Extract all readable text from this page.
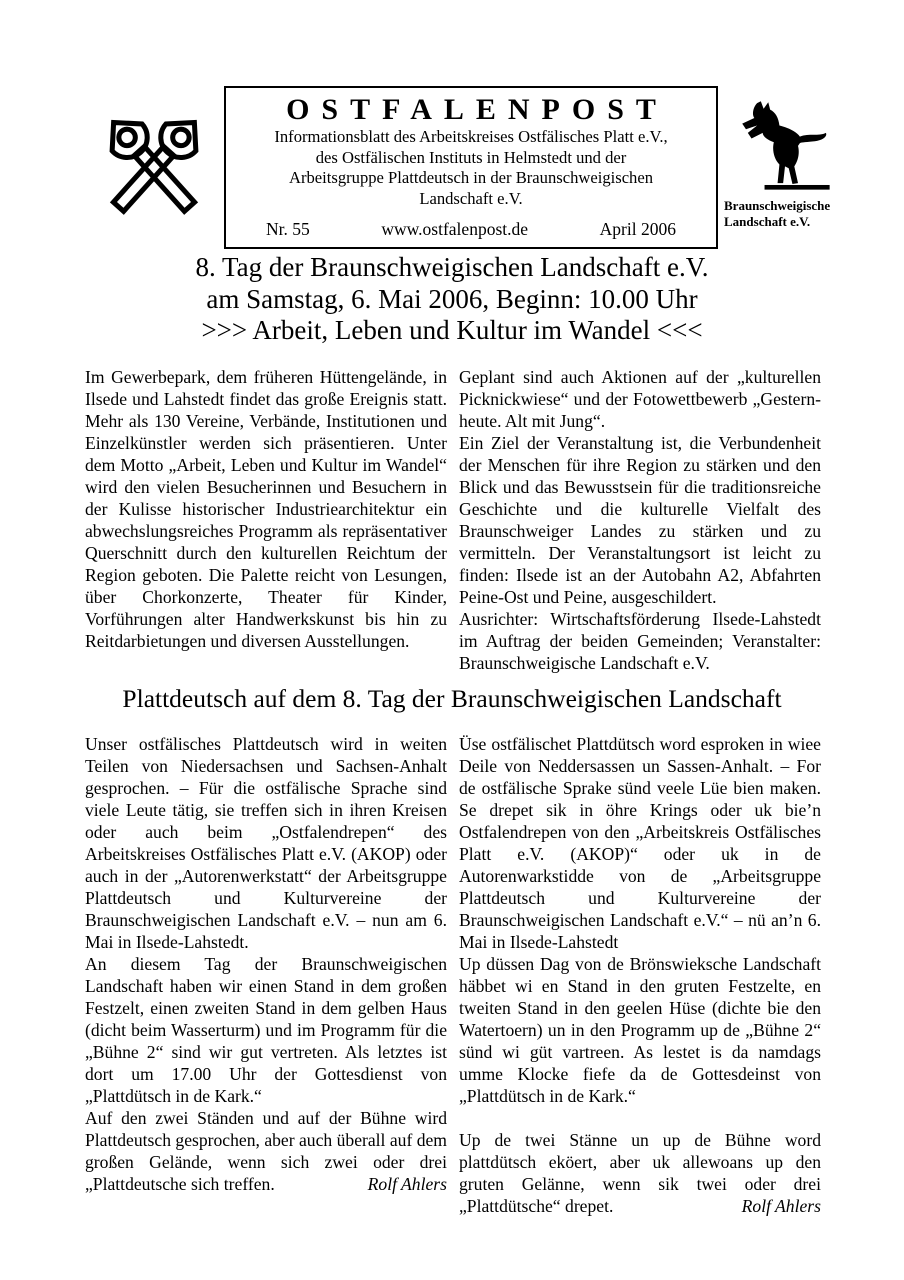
OSTFALENPOST
Informationsblatt des Arbeitskreises Ostfälisches Platt e.V.,
des Ostfälischen Instituts in Helmstedt und der
Arbeitsgruppe Plattdeutsch in der Braunschweigischen
Landschaft e.V.
Nr. 55	www.ostfalenpost.de	April 2006
Braunschweigische
Landschaft e.V.
8. Tag der Braunschweigischen Landschaft e.V.
am Samstag, 6. Mai 2006, Beginn: 10.00 Uhr
>>> Arbeit, Leben und Kultur im Wandel <<<

Im Gewerbepark, dem früheren Hüttengelände, in Ilsede und Lahstedt findet das große Ereignis statt. Mehr als 130 Vereine, Verbände, Institutionen und Einzelkünstler werden sich präsentieren. Unter dem Motto „Arbeit, Leben und Kultur im Wandel“ wird den vielen Besucherinnen und Besuchern in der Kulisse historischer Industriearchitektur ein abwechslungsreiches Programm als repräsentativer Querschnitt durch den kulturellen Reichtum der Region geboten. Die Palette reicht von Lesungen, über Chorkonzerte, Theater für Kinder, Vorführungen alter Handwerkskunst bis hin zu Reitdarbietungen und diversen Ausstellungen.

Geplant sind auch Aktionen auf der „kulturellen Picknickwiese“ und der Fotowettbewerb „Gestern-heute. Alt mit Jung“.

Ein Ziel der Veranstaltung ist, die Verbundenheit der Menschen für ihre Region zu stärken und den Blick und das Bewusstsein für die traditionsreiche Geschichte und die kulturelle Vielfalt des Braunschweiger Landes zu stärken und zu vermitteln. Der Veranstaltungsort ist leicht zu finden: Ilsede ist an der Autobahn A2, Abfahrten Peine-Ost und Peine, ausgeschildert.

Ausrichter: Wirtschaftsförderung Ilsede-Lahstedt im Auftrag der beiden Gemeinden; Veranstalter: Braunschweigische Landschaft e.V.

Plattdeutsch auf dem 8. Tag der Braunschweigischen Landschaft

Unser ostfälisches Plattdeutsch wird in weiten Teilen von Niedersachsen und Sachsen-Anhalt gesprochen. – Für die ostfälische Sprache sind viele Leute tätig, sie treffen sich in ihren Kreisen oder auch beim „Ostfalendrepen“ des Arbeitskreises Ostfälisches Platt e.V. (AKOP) oder auch in der „Autorenwerkstatt“ der Arbeitsgruppe Plattdeutsch und Kulturvereine der Braunschweigischen Landschaft e.V. – nun am 6. Mai in Ilsede-Lahstedt.

An diesem Tag der Braunschweigischen Landschaft haben wir einen Stand in dem großen Festzelt, einen zweiten Stand in dem gelben Haus (dicht beim Wasserturm) und im Programm für die „Bühne 2“ sind wir gut vertreten. Als letztes ist dort um 17.00 Uhr der Gottesdienst von „Plattdütsch in de Kark.“

Auf den zwei Ständen und auf der Bühne wird Plattdeutsch gesprochen, aber auch überall auf dem großen Gelände, wenn sich zwei oder drei „Plattdeutsche sich treffen.	Rolf Ahlers

Üse ostfälischet Plattdütsch word esproken in wiee Deile von Neddersassen un Sassen-Anhalt. – For de ostfälische Sprake sünd veele Lüe bien maken. Se drepet sik in öhre Krings oder uk bie’n Ostfalendrepen von den „Arbeitskreis Ostfälisches Platt e.V. (AKOP)“ oder uk in de Autorenwarkstidde von de „Arbeitsgruppe Plattdeutsch und Kulturvereine der Braunschweigischen Landschaft e.V.“ – nü an’n 6. Mai in Ilsede-Lahstedt

Up düssen Dag von de Brönswieksche Landschaft häbbet wi en Stand in den gruten Festzelte, en tweiten Stand in den geelen Hüse (dichte bie den Watertoern) un in den Programm up de „Bühne 2“ sünd wi güt vartreen. As lestet is da namdags umme Klocke fiefe da de Gottesdeinst von „Plattdütsch in de Kark.“

Up de twei Stänne un up de Bühne word plattdütsch eköert, aber uk allewoans up den gruten Gelänne, wenn sik twei oder drei „Plattdütsche“ drepet.	Rolf Ahlers
